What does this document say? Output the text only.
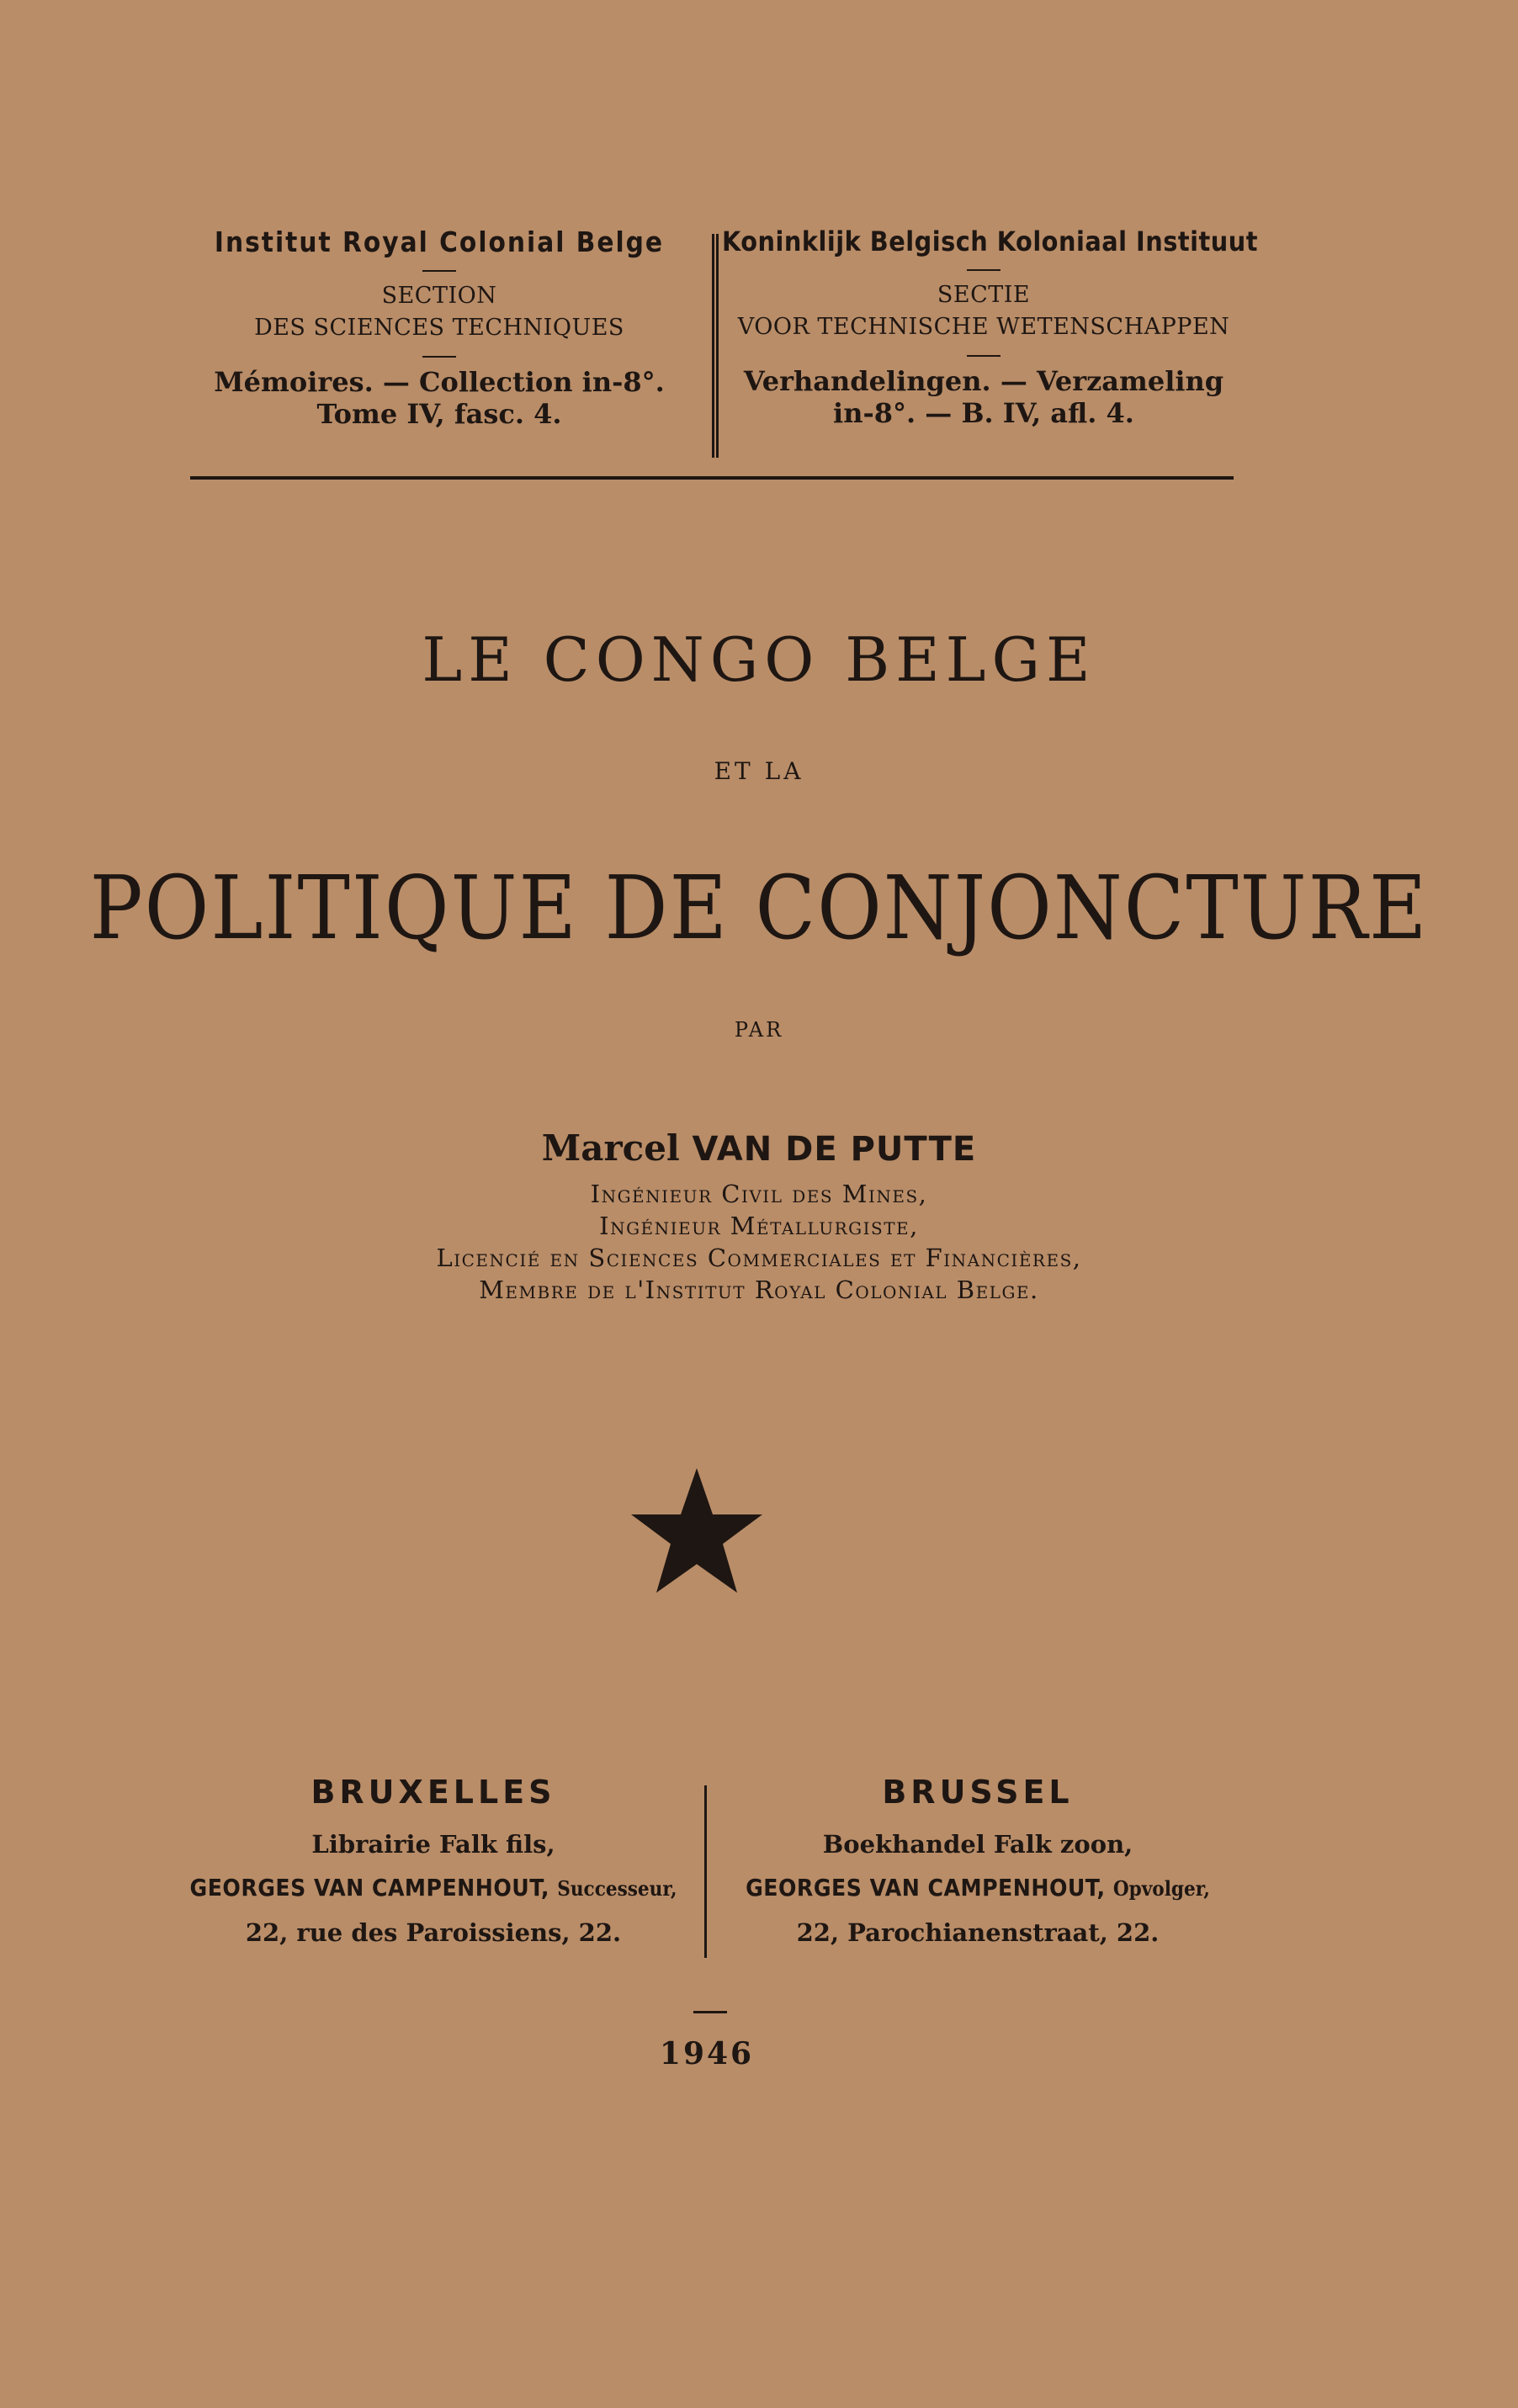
Institut Royal Colonial Belge
SECTION
DES SCIENCES TECHNIQUES
Mémoires. — Collection in-8°.
Tome IV, fasc. 4.
Koninklijk Belgisch Koloniaal Instituut
SECTIE
VOOR TECHNISCHE WETENSCHAPPEN
Verhandelingen. — Verzameling
in-8°. — B. IV, afl. 4.
LE CONGO BELGE
ET LA
POLITIQUE DE CONJONCTURE
PAR
Marcel VAN DE PUTTE
Ingénieur Civil des Mines,
Ingénieur Métallurgiste,
Licencié en Sciences Commerciales et Financières,
Membre de l'Institut Royal Colonial Belge.
BRUXELLES
Librairie Falk fils,
GEORGES VAN CAMPENHOUT, Successeur,
22, rue des Paroissiens, 22.
BRUSSEL
Boekhandel Falk zoon,
GEORGES VAN CAMPENHOUT, Opvolger,
22, Parochianenstraat, 22.
1946
